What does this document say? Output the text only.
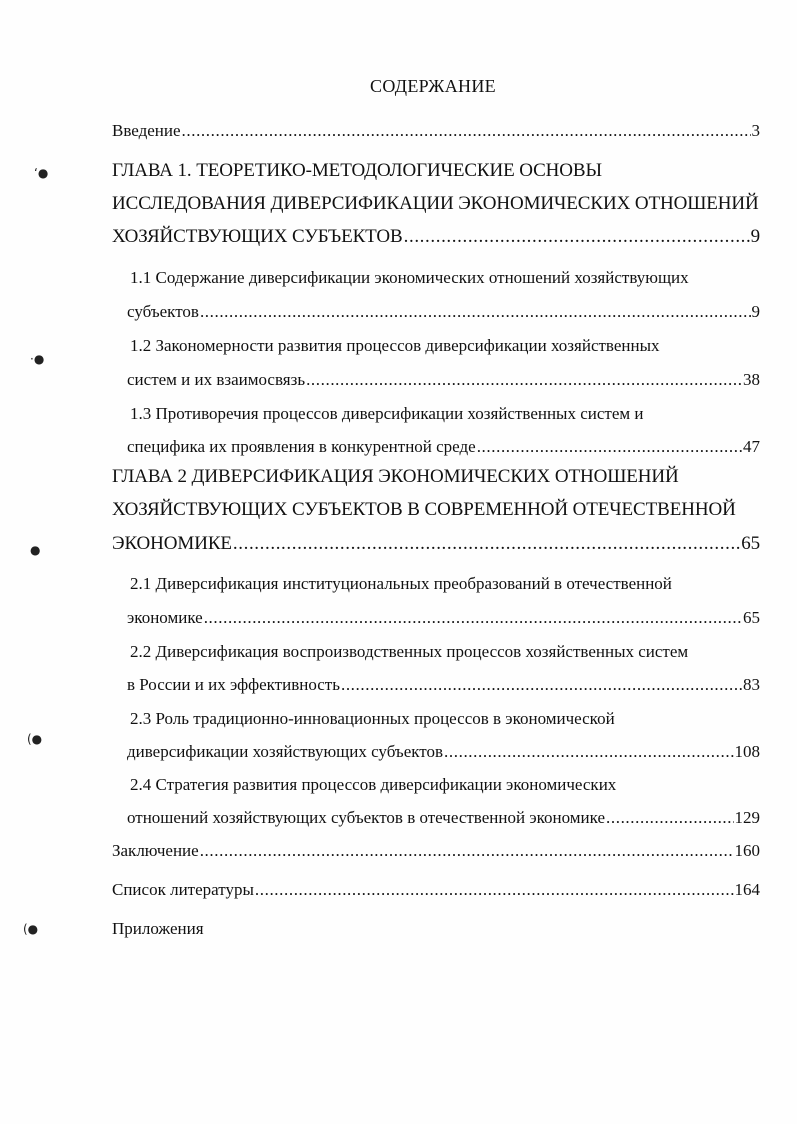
ʻ●
·●
●
(●
(●
СОДЕРЖАНИЕ
Введение .....	3
ГЛАВА 1. ТЕОРЕТИКО-МЕТОДОЛОГИЧЕСКИЕ ОСНОВЫ
ИССЛЕДОВАНИЯ ДИВЕРСИФИКАЦИИ ЭКОНОМИЧЕСКИХ ОТНОШЕНИЙ
ХОЗЯЙСТВУЮЩИХ СУБЪЕКТОВ .....	9
1.1 Содержание диверсификации экономических отношений хозяйствующих
субъектов .....	9
1.2 Закономерности развития процессов диверсификации хозяйственных
систем и их взаимосвязь .....	38
1.3 Противоречия процессов диверсификации хозяйственных систем и
специфика их проявления в конкурентной среде .....	47
ГЛАВА 2 ДИВЕРСИФИКАЦИЯ ЭКОНОМИЧЕСКИХ ОТНОШЕНИЙ
ХОЗЯЙСТВУЮЩИХ СУБЪЕКТОВ В СОВРЕМЕННОЙ ОТЕЧЕСТВЕННОЙ
ЭКОНОМИКЕ .....	65
2.1 Диверсификация институциональных преобразований в отечественной
экономике .....	65
2.2 Диверсификация воспроизводственных процессов хозяйственных систем
в России и их эффективность .....	83
2.3 Роль традиционно-инновационных процессов в экономической
диверсификации хозяйствующих субъектов .....	108
2.4 Стратегия развития процессов диверсификации экономических
отношений хозяйствующих субъектов в отечественной экономике .....	129
Заключение .....	160
Список литературы .....	164
Приложения
